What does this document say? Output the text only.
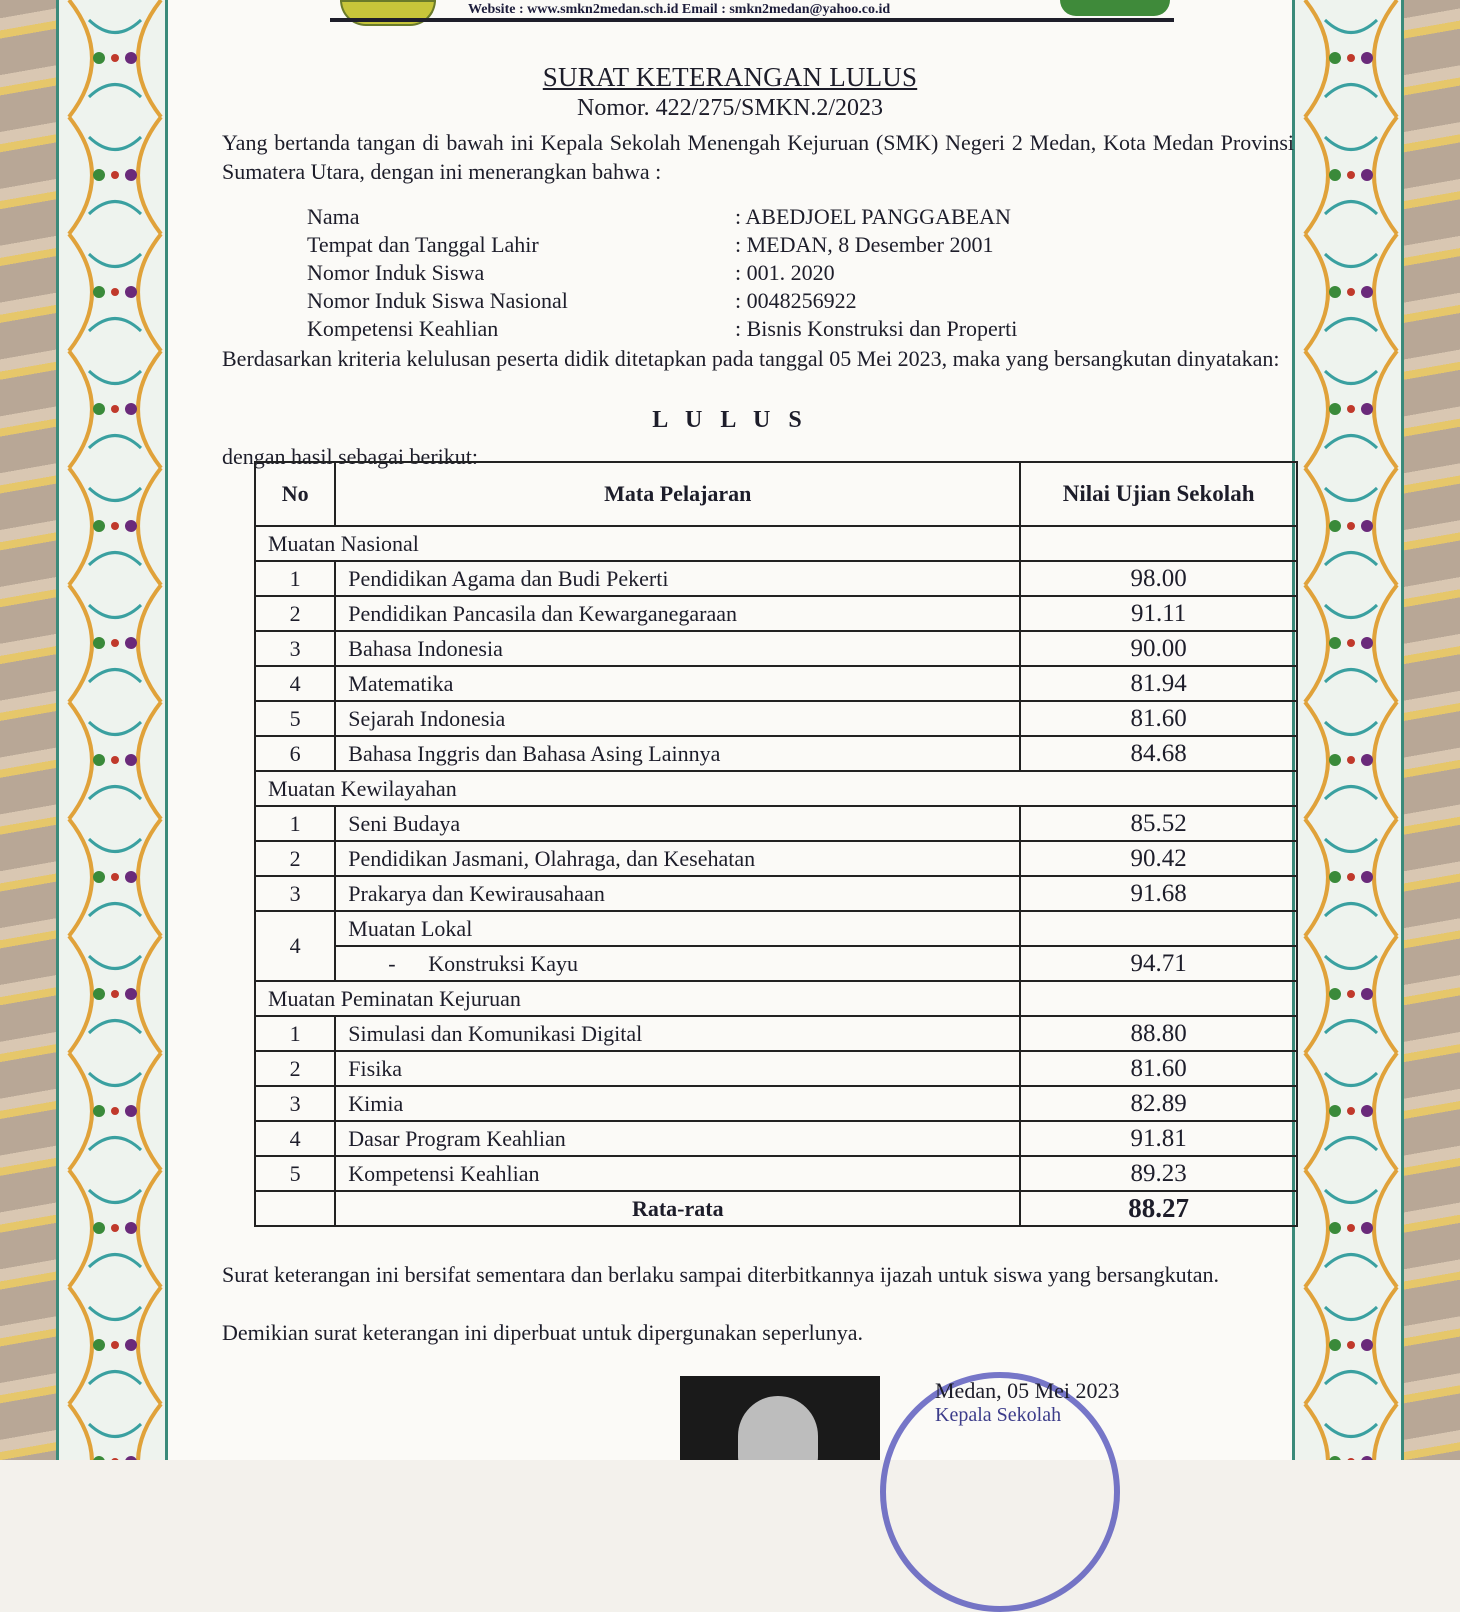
Website : www.smkn2medan.sch.id Email : smkn2medan@yahoo.co.id
SURAT KETERANGAN LULUS
Nomor. 422/275/SMKN.2/2023
Yang bertanda tangan di bawah ini Kepala Sekolah Menengah Kejuruan (SMK) Negeri 2 Medan, Kota Medan Provinsi Sumatera Utara, dengan ini menerangkan bahwa :
Nama	: ABEDJOEL PANGGABEAN
Tempat dan Tanggal Lahir	: MEDAN, 8 Desember 2001
Nomor Induk Siswa	: 001. 2020
Nomor Induk Siswa Nasional	: 0048256922
Kompetensi Keahlian	: Bisnis Konstruksi dan Properti
Berdasarkan kriteria kelulusan peserta didik ditetapkan pada tanggal 05 Mei 2023, maka yang bersangkutan dinyatakan:
L U L U S
dengan hasil sebagai berikut:
No	Mata Pelajaran	Nilai Ujian Sekolah
Muatan Nasional		
1	Pendidikan Agama dan Budi Pekerti	98.00
2	Pendidikan Pancasila dan Kewarganegaraan	91.11
3	Bahasa Indonesia	90.00
4	Matematika	81.94
5	Sejarah Indonesia	81.60
6	Bahasa Inggris dan Bahasa Asing Lainnya	84.68
Muatan Kewilayahan		
1	Seni Budaya	85.52
2	Pendidikan Jasmani, Olahraga, dan Kesehatan	90.42
3	Prakarya dan Kewirausahaan	91.68
4	Muatan Lokal	
	- Konstruksi Kayu	94.71
Muatan Peminatan Kejuruan		
1	Simulasi dan Komunikasi Digital	88.80
2	Fisika	81.60
3	Kimia	82.89
4	Dasar Program Keahlian	91.81
5	Kompetensi Keahlian	89.23
	Rata-rata	88.27
Surat keterangan ini bersifat sementara dan berlaku sampai diterbitkannya ijazah untuk siswa yang bersangkutan.
Demikian surat keterangan ini diperbuat untuk dipergunakan seperlunya.
Medan, 05 Mei 2023
Kepala Sekolah
